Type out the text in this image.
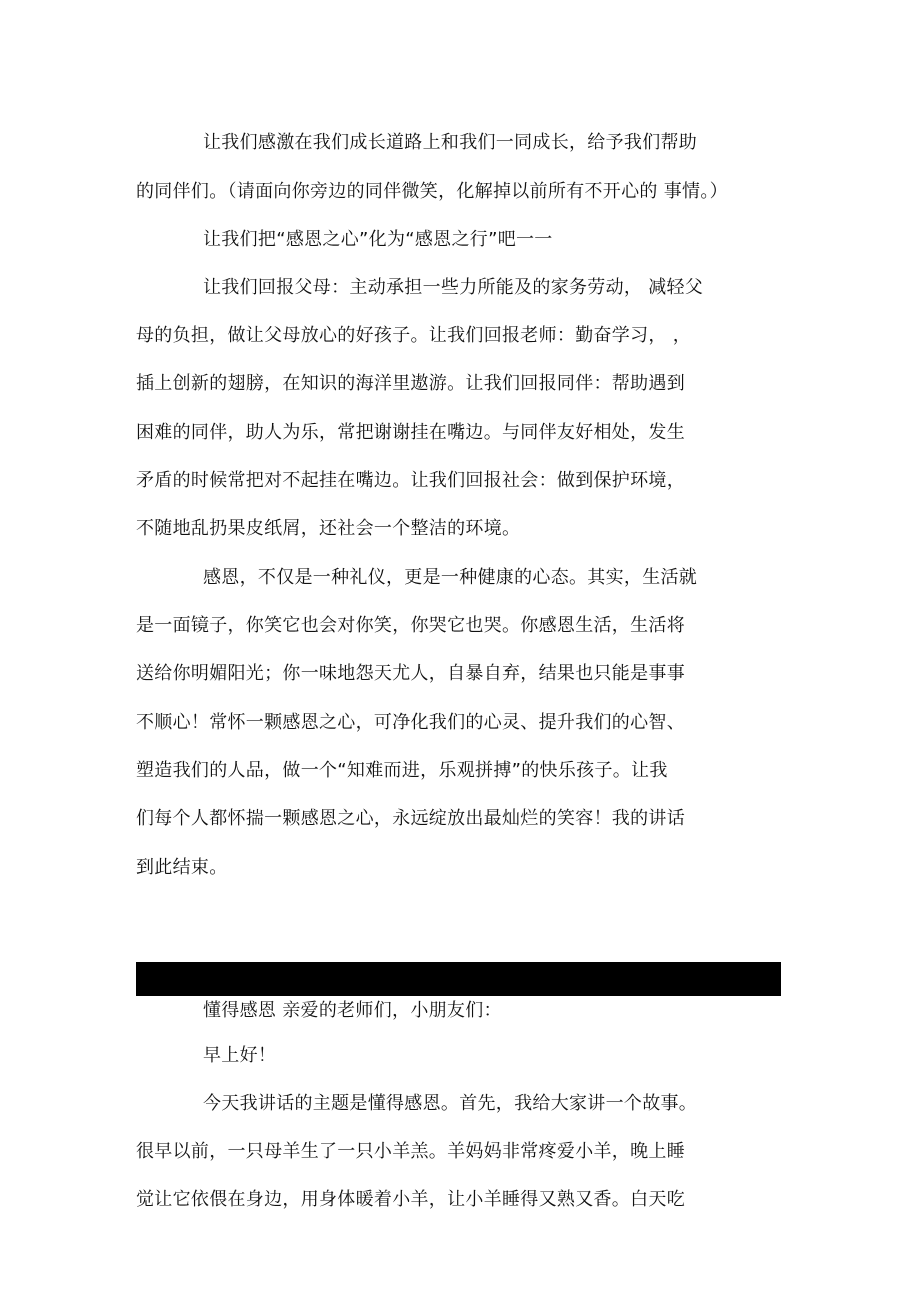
让我们感激在我们成长道路上和我们一同成长，给予我们帮助
的同伴们。（请面向你旁边的同伴微笑，化解掉以前所有不开心的 事情。）
让我们把“感恩之心”化为“感恩之行”吧一一
让我们回报父母：主动承担一些力所能及的家务劳动， 减轻父
母的负担，做让父母放心的好孩子。让我们回报老师：勤奋学习， ，
插上创新的翅膀，在知识的海洋里遨游。让我们回报同伴：帮助遇到
困难的同伴，助人为乐，常把谢谢挂在嘴边。与同伴友好相处，发生
矛盾的时候常把对不起挂在嘴边。让我们回报社会：做到保护环境，
不随地乱扔果皮纸屑，还社会一个整洁的环境。
感恩，不仅是一种礼仪，更是一种健康的心态。其实，生活就
是一面镜子，你笑它也会对你笑，你哭它也哭。你感恩生活，生活将
送给你明媚阳光；你一味地怨天尤人，自暴自弃，结果也只能是事事
不顺心！常怀一颗感恩之心，可净化我们的心灵、提升我们的心智、
塑造我们的人品，做一个“知难而进，乐观拼搏”的快乐孩子。让我
们每个人都怀揣一颗感恩之心，永远绽放出最灿烂的笑容！我的讲话
到此结束。
懂得感恩 亲爱的老师们，小朋友们：
早上好！
今天我讲话的主题是懂得感恩。首先，我给大家讲一个故事。
很早以前，一只母羊生了一只小羊羔。羊妈妈非常疼爱小羊，晚上睡
觉让它依偎在身边，用身体暖着小羊，让小羊睡得又熟又香。白天吃
